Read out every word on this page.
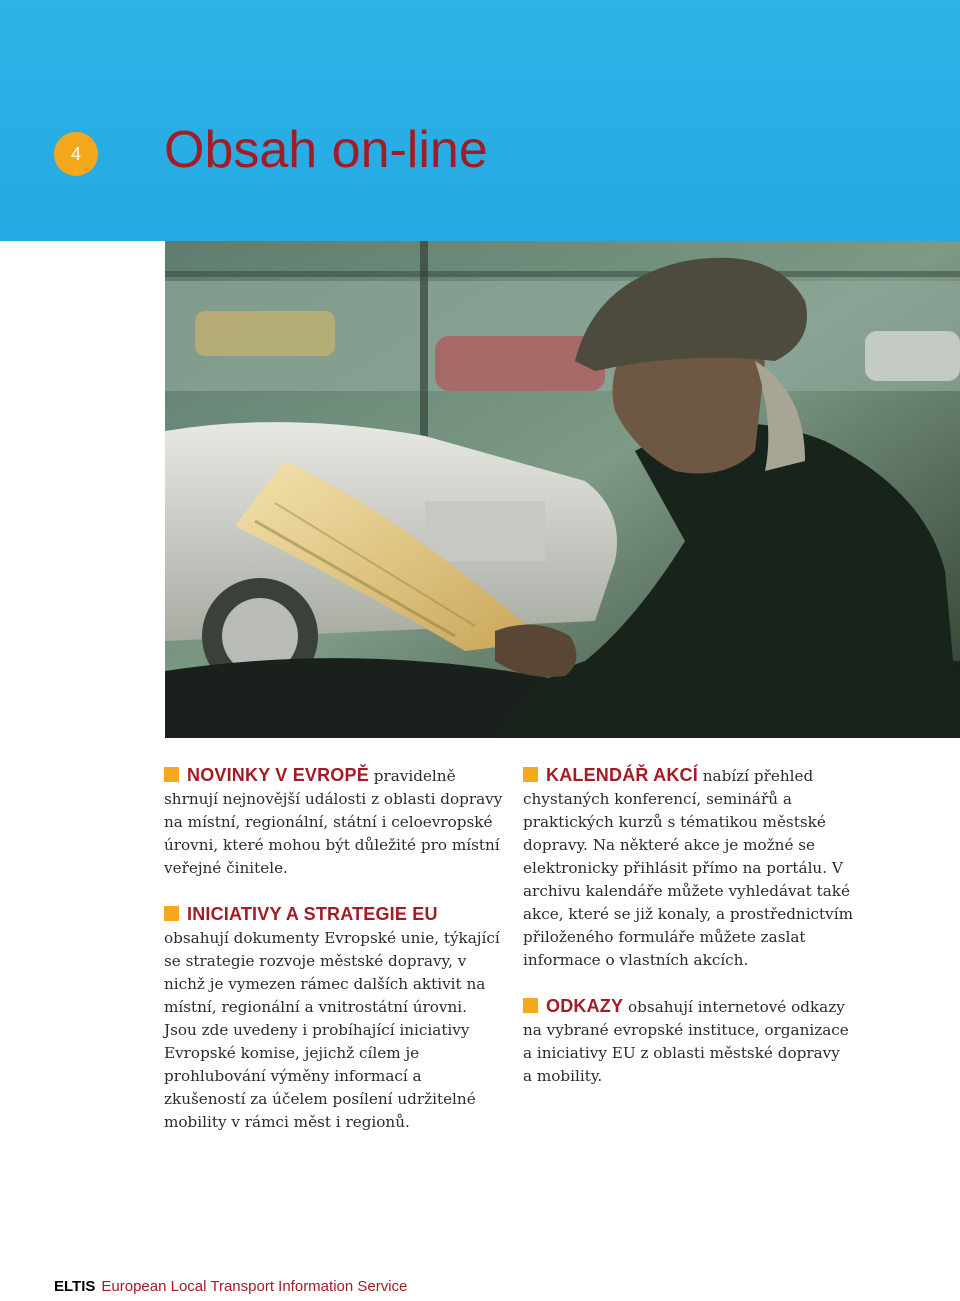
4	Obsah on-line

NOVINKY V EVROPĚ pravidelně shrnují nejnovější události z oblasti dopravy na místní, regionální, státní i celoevropské úrovni, které mohou být důležité pro místní veřejné činitele.

INICIATIVY A STRATEGIE EU obsahují dokumenty Evropské unie, týkající se strategie rozvoje městské dopravy, v nichž je vymezen rámec dalších aktivit na místní, regionální a vnitrostátní úrovni. Jsou zde uvedeny i probíhající iniciativy Evropské komise, jejichž cílem je prohlubování výměny informací a zkušeností za účelem posílení udržitelné mobility v rámci měst i regionů.

KALENDÁŘ AKCÍ nabízí přehled chystaných konferencí, seminářů a praktických kurzů s tématikou městské dopravy. Na některé akce je možné se elektronicky přihlásit přímo na portálu. V archivu kalendáře můžete vyhledávat také akce, které se již konaly, a prostřednictvím přiloženého formuláře můžete zaslat informace o vlastních akcích.

ODKAZY obsahují internetové odkazy na vybrané evropské instituce, organizace a iniciativy EU z oblasti městské dopravy a mobility.

ELTIS European Local Transport Information Service
